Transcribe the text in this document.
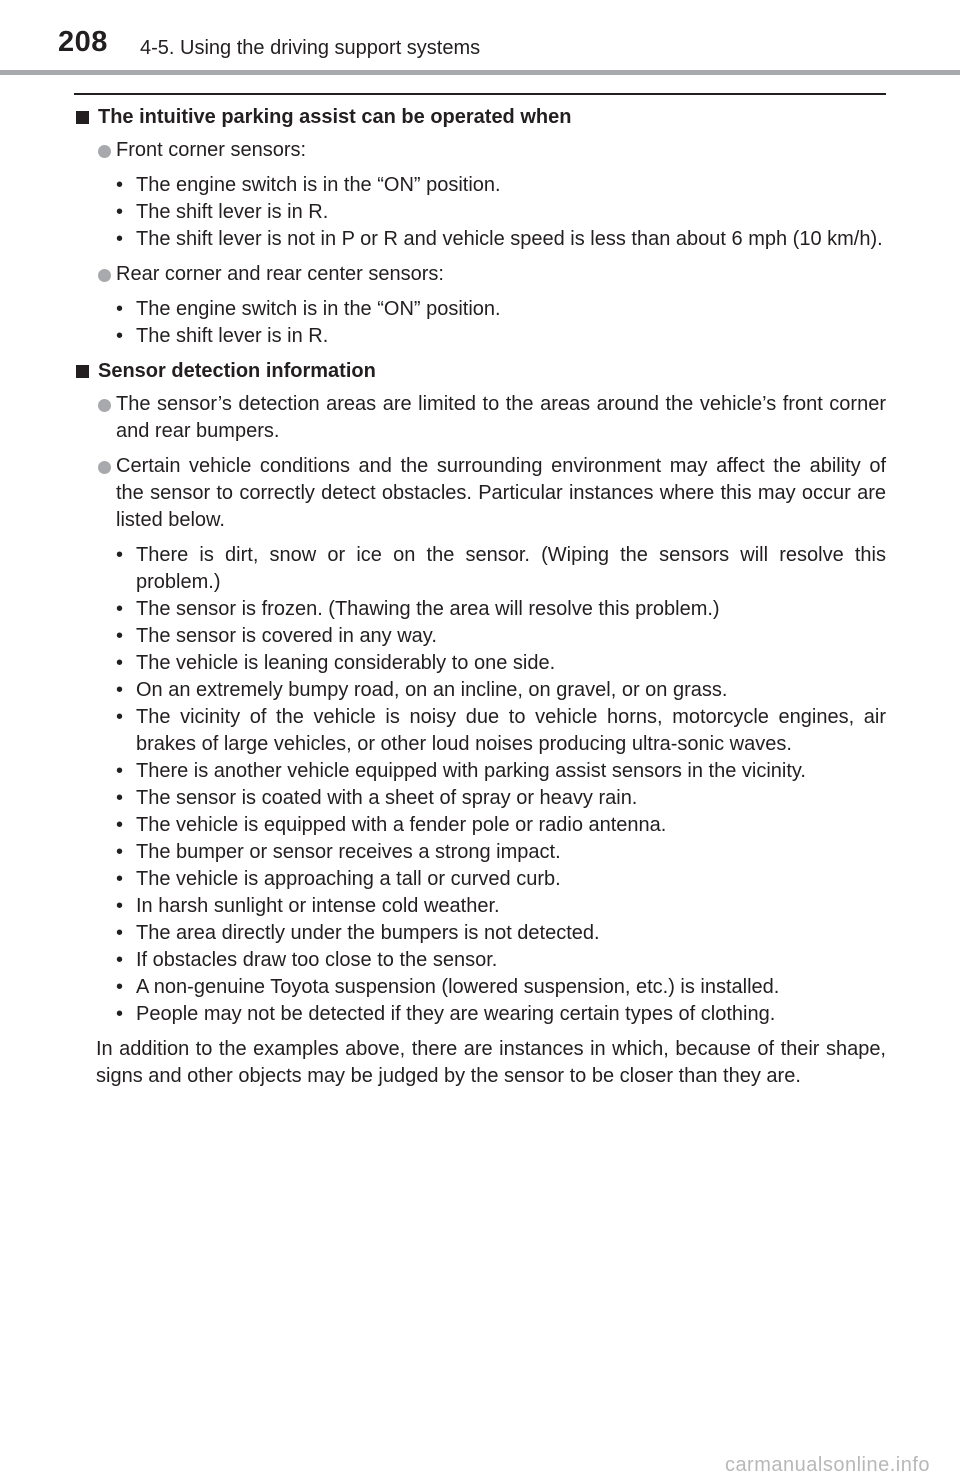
208 4-5. Using the driving support systems
The intuitive parking assist can be operated when
Front corner sensors:
• The engine switch is in the “ON” position.
• The shift lever is in R.
• The shift lever is not in P or R and vehicle speed is less than about 6 mph (10 km/h).
Rear corner and rear center sensors:
• The engine switch is in the “ON” position.
• The shift lever is in R.
Sensor detection information
The sensor’s detection areas are limited to the areas around the vehicle’s front corner and rear bumpers.
Certain vehicle conditions and the surrounding environment may affect the ability of the sensor to correctly detect obstacles. Particular instances where this may occur are listed below.
• There is dirt, snow or ice on the sensor. (Wiping the sensors will resolve this problem.)
• The sensor is frozen. (Thawing the area will resolve this problem.)
• The sensor is covered in any way.
• The vehicle is leaning considerably to one side.
• On an extremely bumpy road, on an incline, on gravel, or on grass.
• The vicinity of the vehicle is noisy due to vehicle horns, motorcycle engines, air brakes of large vehicles, or other loud noises producing ultra-sonic waves.
• There is another vehicle equipped with parking assist sensors in the vicinity.
• The sensor is coated with a sheet of spray or heavy rain.
• The vehicle is equipped with a fender pole or radio antenna.
• The bumper or sensor receives a strong impact.
• The vehicle is approaching a tall or curved curb.
• In harsh sunlight or intense cold weather.
• The area directly under the bumpers is not detected.
• If obstacles draw too close to the sensor.
• A non-genuine Toyota suspension (lowered suspension, etc.) is installed.
• People may not be detected if they are wearing certain types of clothing.
In addition to the examples above, there are instances in which, because of their shape, signs and other objects may be judged by the sensor to be closer than they are.
carmanualsonline.info
